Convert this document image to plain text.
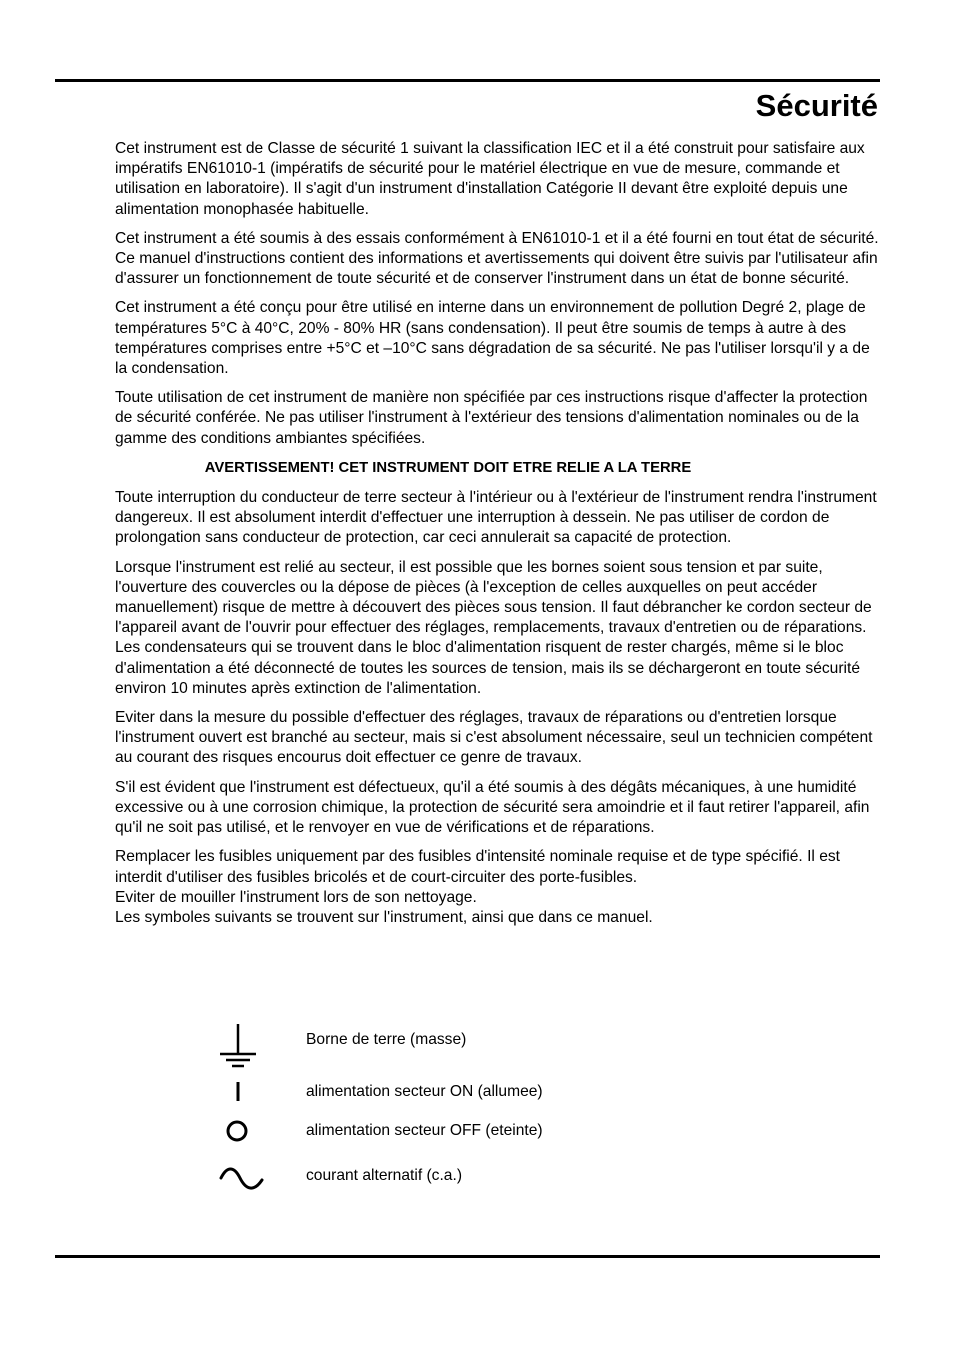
Sécurité

Cet instrument est de Classe de sécurité 1 suivant la classification IEC et il a été construit pour satisfaire aux impératifs EN61010-1 (impératifs de sécurité pour le matériel électrique en vue de mesure, commande et utilisation en laboratoire). Il s'agit d'un instrument d'installation Catégorie II devant être exploité depuis une alimentation monophasée habituelle.

Cet instrument a été soumis à des essais conformément à EN61010-1 et il a été fourni en tout état de sécurité. Ce manuel d'instructions contient des informations et avertissements qui doivent être suivis par l'utilisateur afin d'assurer un fonctionnement de toute sécurité et de conserver l'instrument dans un état de bonne sécurité.

Cet instrument a été conçu pour être utilisé en interne dans un environnement de pollution Degré 2, plage de températures 5°C à 40°C, 20% - 80% HR (sans condensation). Il peut être soumis de temps à autre à des températures comprises entre +5°C et –10°C sans dégradation de sa sécurité. Ne pas l'utiliser lorsqu'il y a de la condensation.

Toute utilisation de cet instrument de manière non spécifiée par ces instructions risque d'affecter la protection de sécurité conférée. Ne pas utiliser l'instrument à l'extérieur des tensions d'alimentation nominales ou de la gamme des conditions ambiantes spécifiées.

AVERTISSEMENT! CET INSTRUMENT DOIT ETRE RELIE A LA TERRE

Toute interruption du conducteur de terre secteur à l'intérieur ou à l'extérieur de l'instrument rendra l'instrument dangereux. Il est absolument interdit d'effectuer une interruption à dessein. Ne pas utiliser de cordon de prolongation sans conducteur de protection, car ceci annulerait sa capacité de protection.

Lorsque l'instrument est relié au secteur, il est possible que les bornes soient sous tension et par suite, l'ouverture des couvercles ou la dépose de pièces (à l'exception de celles auxquelles on peut accéder manuellement) risque de mettre à découvert des pièces sous tension. Il faut débrancher ke cordon secteur de l'appareil avant de l'ouvrir pour effectuer des réglages, remplacements, travaux d'entretien ou de réparations. Les condensateurs qui se trouvent dans le bloc d'alimentation risquent de rester chargés, même si le bloc d'alimentation a été déconnecté de toutes les sources de tension, mais ils se déchargeront en toute sécurité environ 10 minutes après extinction de l'alimentation.

Eviter dans la mesure du possible d'effectuer des réglages, travaux de réparations ou d'entretien lorsque l'instrument ouvert est branché au secteur, mais si c'est absolument nécessaire, seul un technicien compétent au courant des risques encourus doit effectuer ce genre de travaux.

S'il est évident que l'instrument est défectueux, qu'il a été soumis à des dégâts mécaniques, à une humidité excessive ou à une corrosion chimique, la protection de sécurité sera amoindrie et il faut retirer l'appareil, afin qu'il ne soit pas utilisé, et le renvoyer en vue de vérifications et de réparations.

Remplacer les fusibles uniquement par des fusibles d'intensité nominale requise et de type spécifié. Il est interdit d'utiliser des fusibles bricolés et de court-circuiter des porte-fusibles.

Eviter de mouiller l'instrument lors de son nettoyage.

Les symboles suivants se trouvent sur l'instrument, ainsi que dans ce manuel.

Borne de terre (masse)
alimentation secteur ON (allumee)
alimentation secteur OFF (eteinte)
courant alternatif (c.a.)
